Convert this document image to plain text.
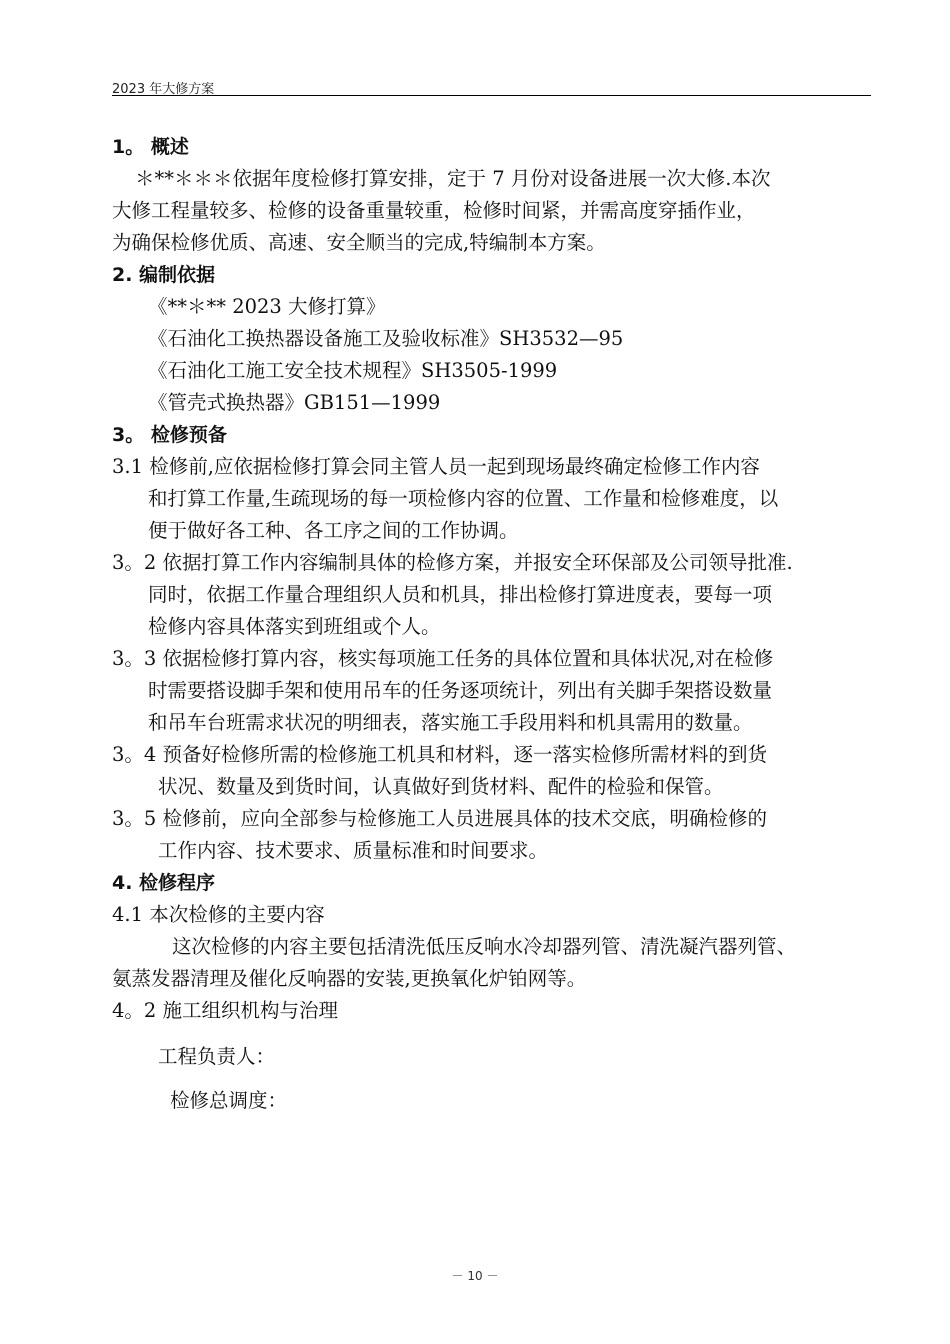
2023 年大修方案
1。 概述
＊**＊＊＊依据年度检修打算安排，定于 7 月份对设备进展一次大修.本次
大修工程量较多、检修的设备重量较重，检修时间紧，并需高度穿插作业，
为确保检修优质、高速、安全顺当的完成,特编制本方案。
2. 编制依据
《**＊** 2023 大修打算》
《石油化工换热器设备施工及验收标准》SH3532—95
《石油化工施工安全技术规程》SH3505-1999
《管壳式换热器》GB151—1999
3。 检修预备
3.1 检修前,应依据检修打算会同主管人员一起到现场最终确定检修工作内容
和打算工作量,生疏现场的每一项检修内容的位置、工作量和检修难度，以
便于做好各工种、各工序之间的工作协调。
3。2 依据打算工作内容编制具体的检修方案，并报安全环保部及公司领导批准.
同时，依据工作量合理组织人员和机具，排出检修打算进度表，要每一项
检修内容具体落实到班组或个人。
3。3 依据检修打算内容，核实每项施工任务的具体位置和具体状况,对在检修
时需要搭设脚手架和使用吊车的任务逐项统计，列出有关脚手架搭设数量
和吊车台班需求状况的明细表，落实施工手段用料和机具需用的数量。
3。4 预备好检修所需的检修施工机具和材料，逐一落实检修所需材料的到货
状况、数量及到货时间，认真做好到货材料、配件的检验和保管。
3。5 检修前，应向全部参与检修施工人员进展具体的技术交底，明确检修的
工作内容、技术要求、质量标准和时间要求。
4. 检修程序
4.1 本次检修的主要内容
这次检修的内容主要包括清洗低压反响水冷却器列管、清洗凝汽器列管、
氨蒸发器清理及催化反响器的安装,更换氧化炉铂网等。
4。2 施工组织机构与治理
工程负责人：
检修总调度：
－ 10 －
